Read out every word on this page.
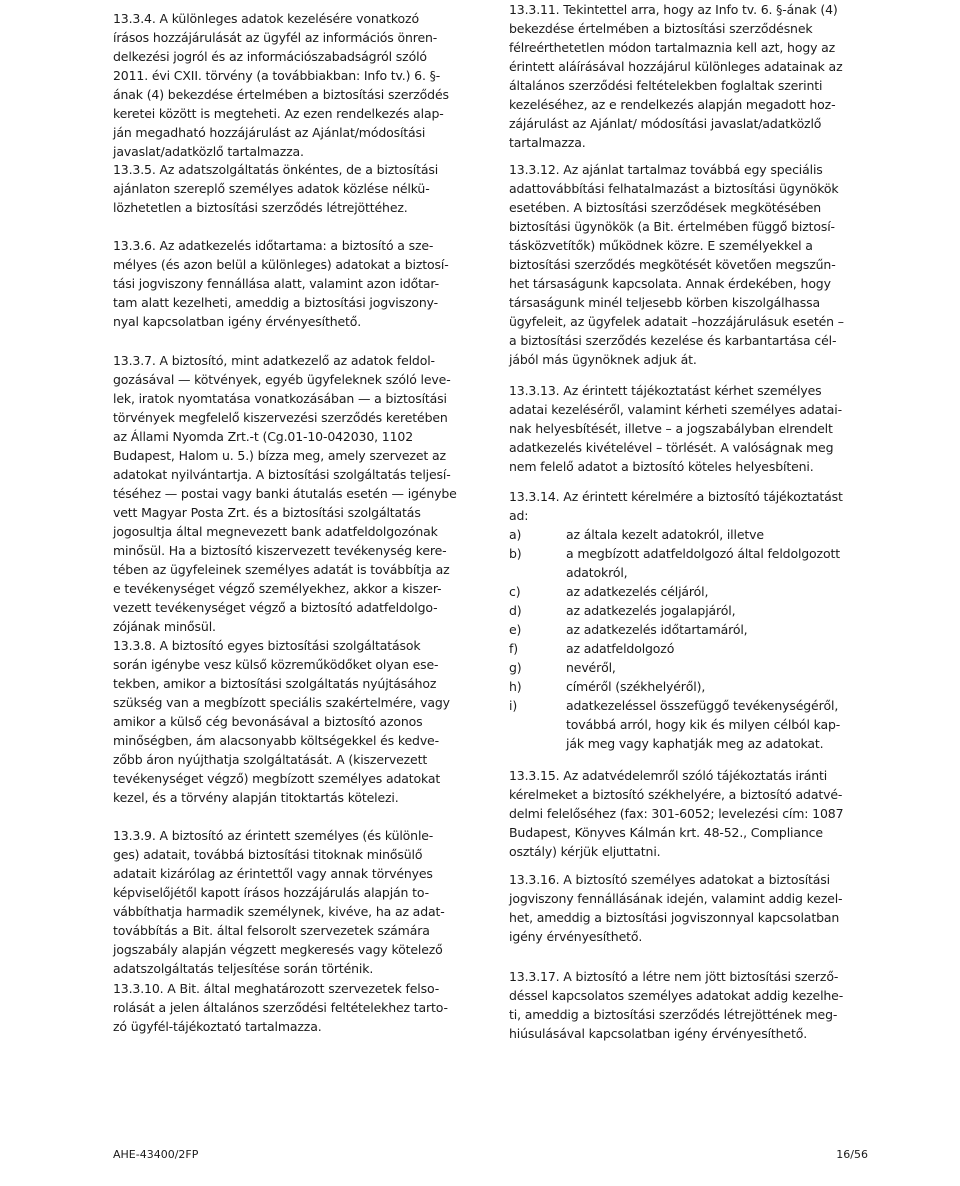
13.3.4. A különleges adatok kezelésére vonatkozó
írásos hozzájárulását az ügyfél az információs önren-
delkezési jogról és az információszabadságról szóló
2011. évi CXII. törvény (a továbbiakban: Info tv.) 6. §-
ának (4) bekezdése értelmében a biztosítási szerződés
keretei között is megteheti. Az ezen rendelkezés alap-
ján megadható hozzájárulást az Ajánlat/módosítási
javaslat/adatközlő tartalmazza.
13.3.5. Az adatszolgáltatás önkéntes, de a biztosítási
ajánlaton szereplő személyes adatok közlése nélkü-
lözhetetlen a biztosítási szerződés létrejöttéhez.
13.3.6. Az adatkezelés időtartama: a biztosító a sze-
mélyes (és azon belül a különleges) adatokat a biztosí-
tási jogviszony fennállása alatt, valamint azon időtar-
tam alatt kezelheti, ameddig a biztosítási jogviszony-
nyal kapcsolatban igény érvényesíthető.
13.3.7. A biztosító, mint adatkezelő az adatok feldol-
gozásával — kötvények, egyéb ügyfeleknek szóló leve-
lek, iratok nyomtatása vonatkozásában — a biztosítási
törvények megfelelő kiszervezési szerződés keretében
az Állami Nyomda Zrt.-t (Cg.01-10-042030, 1102
Budapest, Halom u. 5.) bízza meg, amely szervezet az
adatokat nyilvántartja. A biztosítási szolgáltatás teljesí-
téséhez — postai vagy banki átutalás esetén — igénybe
vett Magyar Posta Zrt. és a biztosítási szolgáltatás
jogosultja által megnevezett bank adatfeldolgozónak
minősül. Ha a biztosító kiszervezett tevékenység kere-
tében az ügyfeleinek személyes adatát is továbbítja az
e tevékenységet végző személyekhez, akkor a kiszer-
vezett tevékenységet végző a biztosító adatfeldolgo-
zójának minősül.
13.3.8. A biztosító egyes biztosítási szolgáltatások
során igénybe vesz külső közreműködőket olyan ese-
tekben, amikor a biztosítási szolgáltatás nyújtásához
szükség van a megbízott speciális szakértelmére, vagy
amikor a külső cég bevonásával a biztosító azonos
minőségben, ám alacsonyabb költségekkel és kedve-
zőbb áron nyújthatja szolgáltatását. A (kiszervezett
tevékenységet végző) megbízott személyes adatokat
kezel, és a törvény alapján titoktartás kötelezi.
13.3.9. A biztosító az érintett személyes (és különle-
ges) adatait, továbbá biztosítási titoknak minősülő
adatait kizárólag az érintettől vagy annak törvényes
képviselőjétől kapott írásos hozzájárulás alapján to-
vábbíthatja harmadik személynek, kivéve, ha az adat-
továbbítás a Bit. által felsorolt szervezetek számára
jogszabály alapján végzett megkeresés vagy kötelező
adatszolgáltatás teljesítése során történik.
13.3.10. A Bit. által meghatározott szervezetek felso-
rolását a jelen általános szerződési feltételekhez tarto-
zó ügyfél-tájékoztató tartalmazza.
13.3.11. Tekintettel arra, hogy az Info tv. 6. §-ának (4)
bekezdése értelmében a biztosítási szerződésnek
félreérthetetlen módon tartalmaznia kell azt, hogy az
érintett aláírásával hozzájárul különleges adatainak az
általános szerződési feltételekben foglaltak szerinti
kezeléséhez, az e rendelkezés alapján megadott hoz-
zájárulást az Ajánlat/ módosítási javaslat/adatközlő
tartalmazza.
13.3.12. Az ajánlat tartalmaz továbbá egy speciális
adattovábbítási felhatalmazást a biztosítási ügynökök
esetében. A biztosítási szerződések megkötésében
biztosítási ügynökök (a Bit. értelmében függő biztosí-
tásközvetítők) működnek közre. E személyekkel a
biztosítási szerződés megkötését követően megszűn-
het társaságunk kapcsolata. Annak érdekében, hogy
társaságunk minél teljesebb körben kiszolgálhassa
ügyfeleit, az ügyfelek adatait –hozzájárulásuk esetén –
a biztosítási szerződés kezelése és karbantartása cél-
jából más ügynöknek adjuk át.
13.3.13. Az érintett tájékoztatást kérhet személyes
adatai kezeléséről, valamint kérheti személyes adatai-
nak helyesbítését, illetve – a jogszabályban elrendelt
adatkezelés kivételével – törlését. A valóságnak meg
nem felelő adatot a biztosító köteles helyesbíteni.
13.3.14. Az érintett kérelmére a biztosító tájékoztatást
ad:
a)	az általa kezelt adatokról, illetve
b)	a megbízott adatfeldolgozó által feldolgozott
adatokról,
c)	az adatkezelés céljáról,
d)	az adatkezelés jogalapjáról,
e)	az adatkezelés időtartamáról,
f)	az adatfeldolgozó
g)	nevéről,
h)	címéről (székhelyéről),
i)	adatkezeléssel összefüggő tevékenységéről,
továbbá arról, hogy kik és milyen célból kap-
ják meg vagy kaphatják meg az adatokat.
13.3.15. Az adatvédelemről szóló tájékoztatás iránti
kérelmeket a biztosító székhelyére, a biztosító adatvé-
delmi felelőséhez (fax: 301-6052; levelezési cím: 1087
Budapest, Könyves Kálmán krt. 48-52., Compliance
osztály) kérjük eljuttatni.
13.3.16. A biztosító személyes adatokat a biztosítási
jogviszony fennállásának idején, valamint addig kezel-
het, ameddig a biztosítási jogviszonnyal kapcsolatban
igény érvényesíthető.
13.3.17. A biztosító a létre nem jött biztosítási szerző-
déssel kapcsolatos személyes adatokat addig kezelhe-
ti, ameddig a biztosítási szerződés létrejöttének meg-
hiúsulásával kapcsolatban igény érvényesíthető.
AHE-43400/2FP	16/56
